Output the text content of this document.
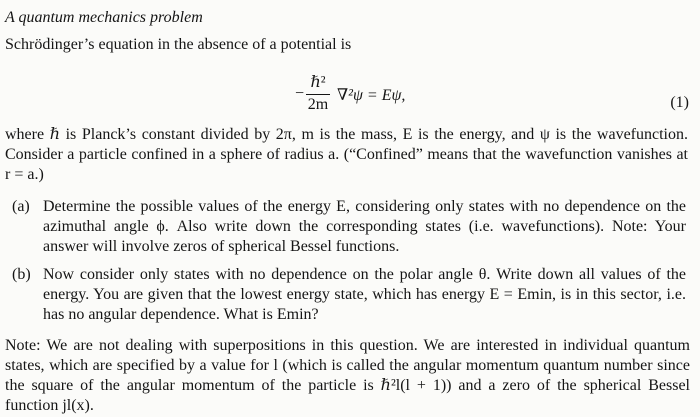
A quantum mechanics problem
Schrödinger’s equation in the absence of a potential is
−
ℏ²
2m
∇²ψ = Eψ,	(1)
where ℏ is Planck’s constant divided by 2π, m is the mass, E is the energy, and ψ is the wavefunction. Consider a particle confined in a sphere of radius a. (“Confined” means that the wavefunction vanishes at r = a.)
(a) Determine the possible values of the energy E, considering only states with no dependence on the azimuthal angle ϕ. Also write down the corresponding states (i.e. wavefunctions). Note: Your answer will involve zeros of spherical Bessel functions.
(b) Now consider only states with no dependence on the polar angle θ. Write down all values of the energy. You are given that the lowest energy state, which has energy E = Emin, is in this sector, i.e. has no angular dependence. What is Emin?
Note: We are not dealing with superpositions in this question. We are interested in individual quantum states, which are specified by a value for l (which is called the angular momentum quantum number since the square of the angular momentum of the particle is ℏ²l(l + 1)) and a zero of the spherical Bessel function jl(x).
